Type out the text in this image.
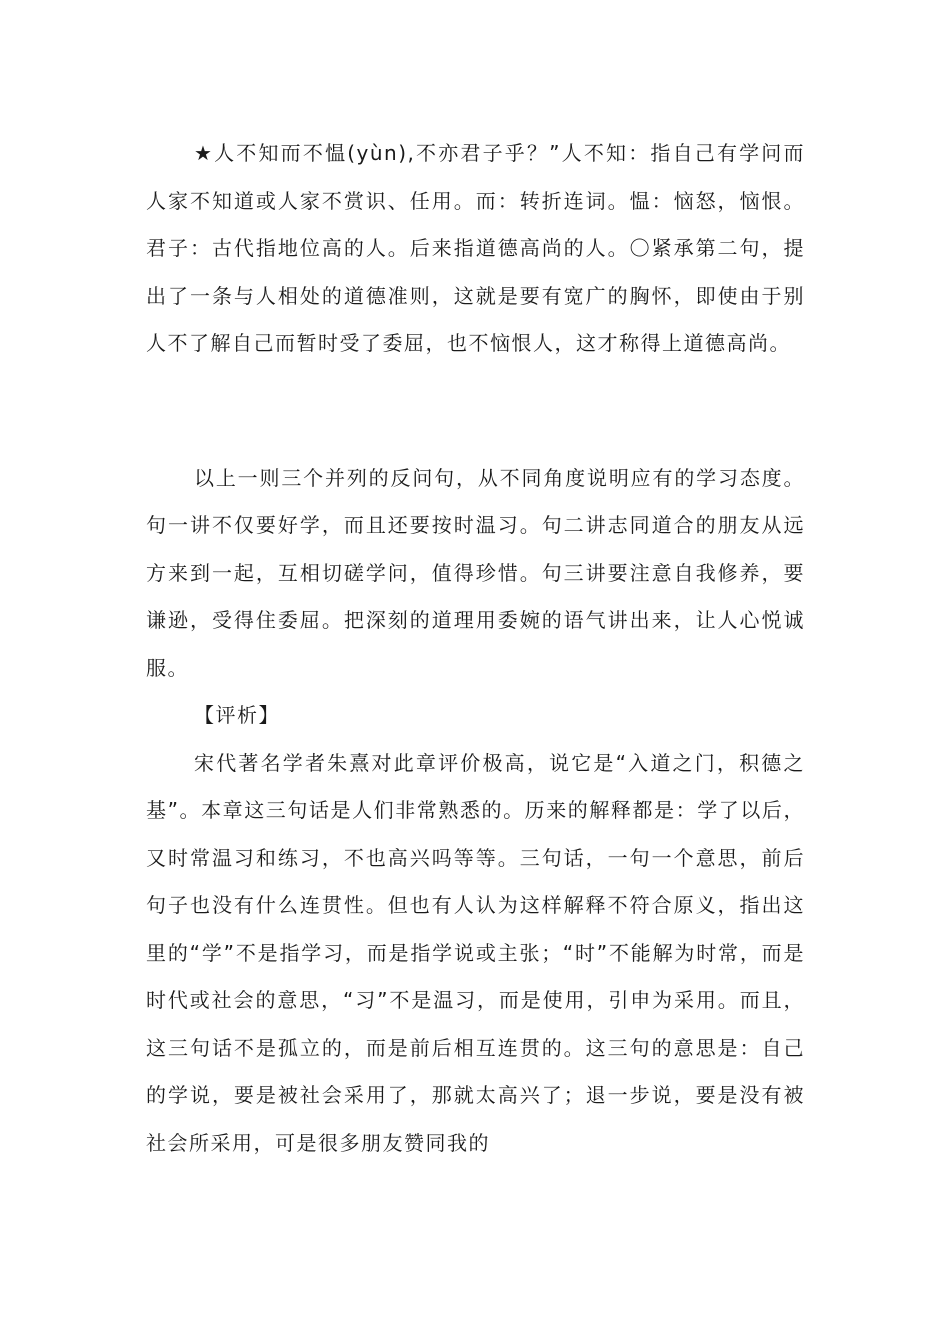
★人不知而不愠(yùn),不亦君子乎？”人不知：指自己有学问而人家不知道或人家不赏识、任用。而：转折连词。愠：恼怒，恼恨。君子：古代指地位高的人。后来指道德高尚的人。〇紧承第二句，提出了一条与人相处的道德准则，这就是要有宽广的胸怀，即使由于别人不了解自己而暂时受了委屈，也不恼恨人，这才称得上道德高尚。

以上一则三个并列的反问句，从不同角度说明应有的学习态度。句一讲不仅要好学，而且还要按时温习。句二讲志同道合的朋友从远方来到一起，互相切磋学问，值得珍惜。句三讲要注意自我修养，要谦逊，受得住委屈。把深刻的道理用委婉的语气讲出来，让人心悦诚服。

【评析】

宋代著名学者朱熹对此章评价极高，说它是“入道之门，积德之基”。本章这三句话是人们非常熟悉的。历来的解释都是：学了以后，又时常温习和练习，不也高兴吗等等。三句话，一句一个意思，前后句子也没有什么连贯性。但也有人认为这样解释不符合原义，指出这里的“学”不是指学习，而是指学说或主张；“时”不能解为时常，而是时代或社会的意思，“习”不是温习，而是使用，引申为采用。而且，这三句话不是孤立的，而是前后相互连贯的。这三句的意思是：自己的学说，要是被社会采用了，那就太高兴了；退一步说，要是没有被社会所采用，可是很多朋友赞同我的
